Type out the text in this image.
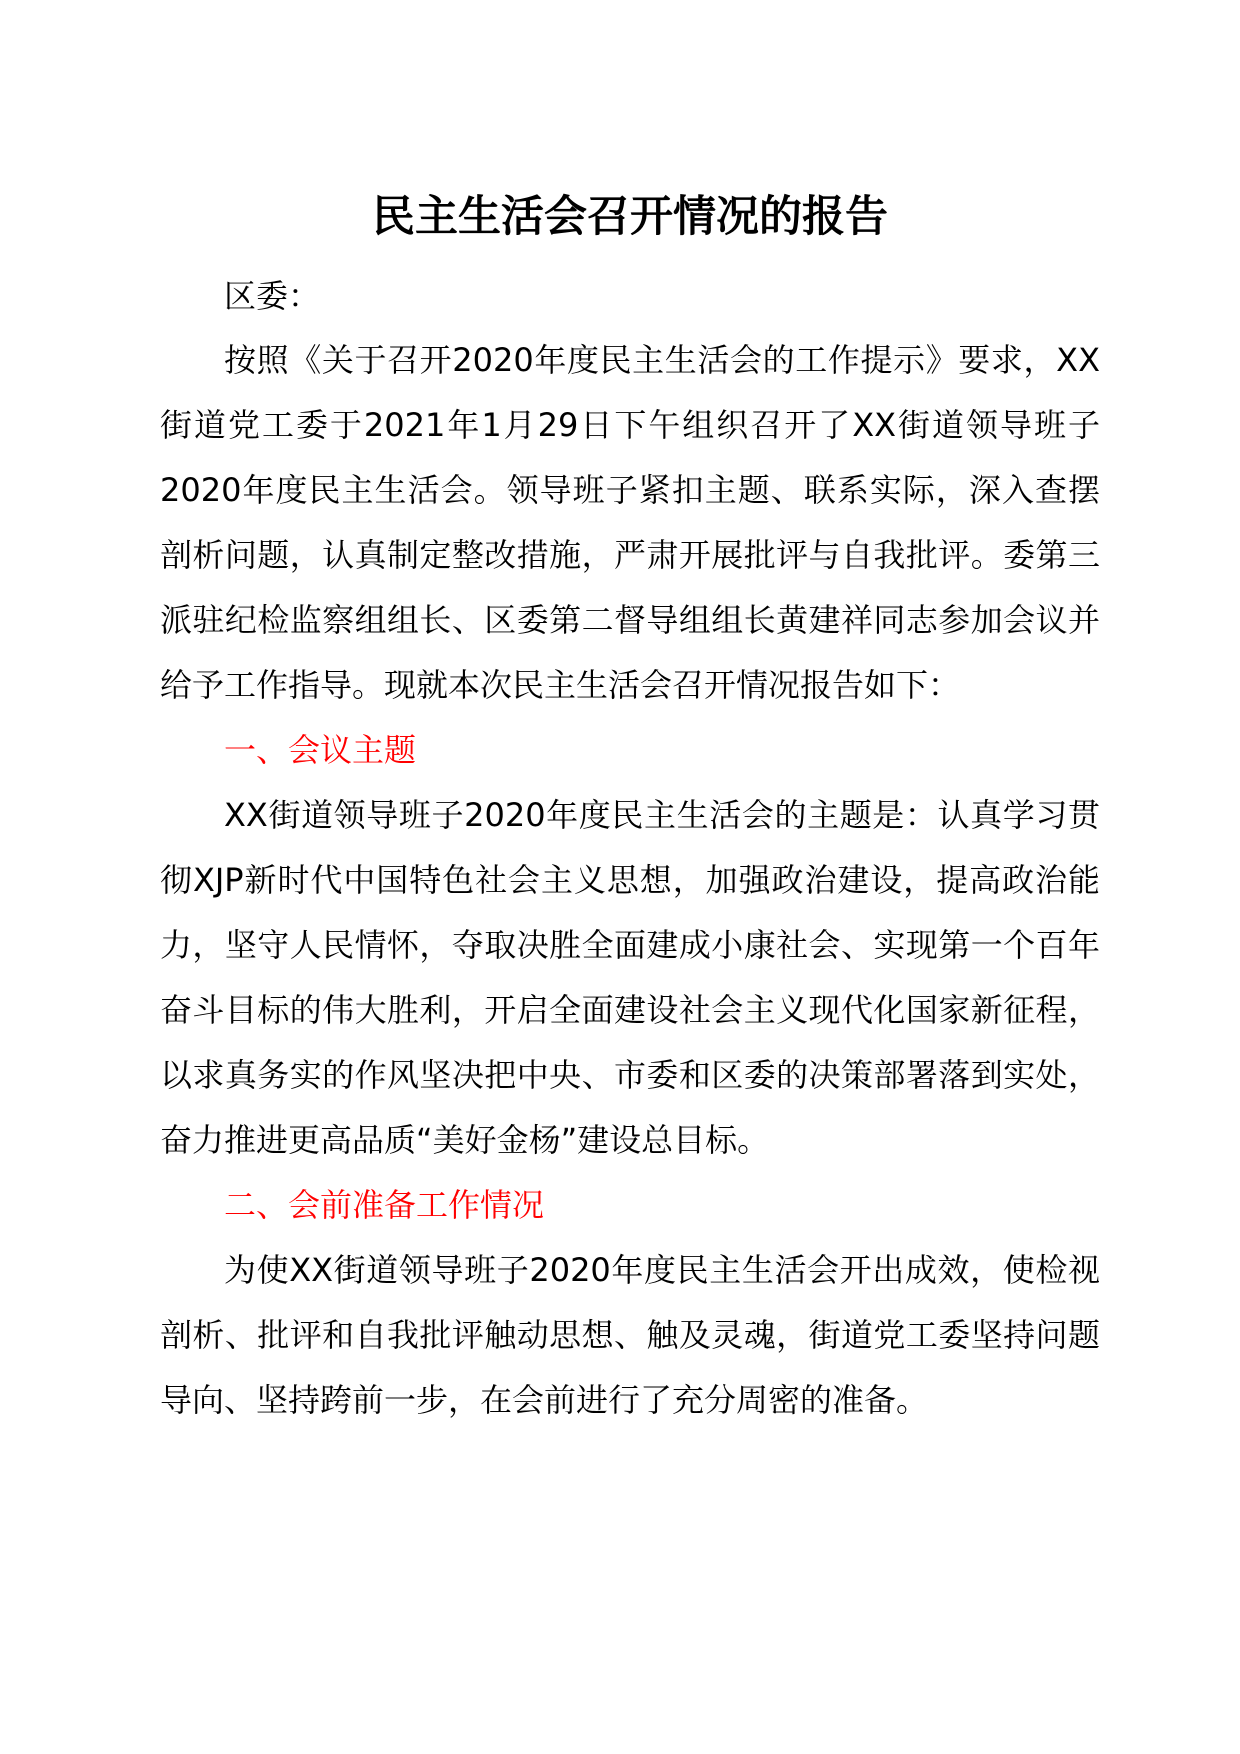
民主生活会召开情况的报告
区委：

按照《关于召开2020年度民主生活会的工作提示》要求，XX街道党工委于2021年1月29日下午组织召开了XX街道领导班子2020年度民主生活会。领导班子紧扣主题、联系实际，深入查摆剖析问题，认真制定整改措施，严肃开展批评与自我批评。委第三派驻纪检监察组组长、区委第二督导组组长黄建祥同志参加会议并给予工作指导。现就本次民主生活会召开情况报告如下：

一、会议主题

XX街道领导班子2020年度民主生活会的主题是：认真学习贯彻XJP新时代中国特色社会主义思想，加强政治建设，提高政治能力，坚守人民情怀，夺取决胜全面建成小康社会、实现第一个百年奋斗目标的伟大胜利，开启全面建设社会主义现代化国家新征程，以求真务实的作风坚决把中央、市委和区委的决策部署落到实处，奋力推进更高品质“美好金杨”建设总目标。

二、会前准备工作情况

为使XX街道领导班子2020年度民主生活会开出成效，使检视剖析、批评和自我批评触动思想、触及灵魂，街道党工委坚持问题导向、坚持跨前一步，在会前进行了充分周密的准备。
